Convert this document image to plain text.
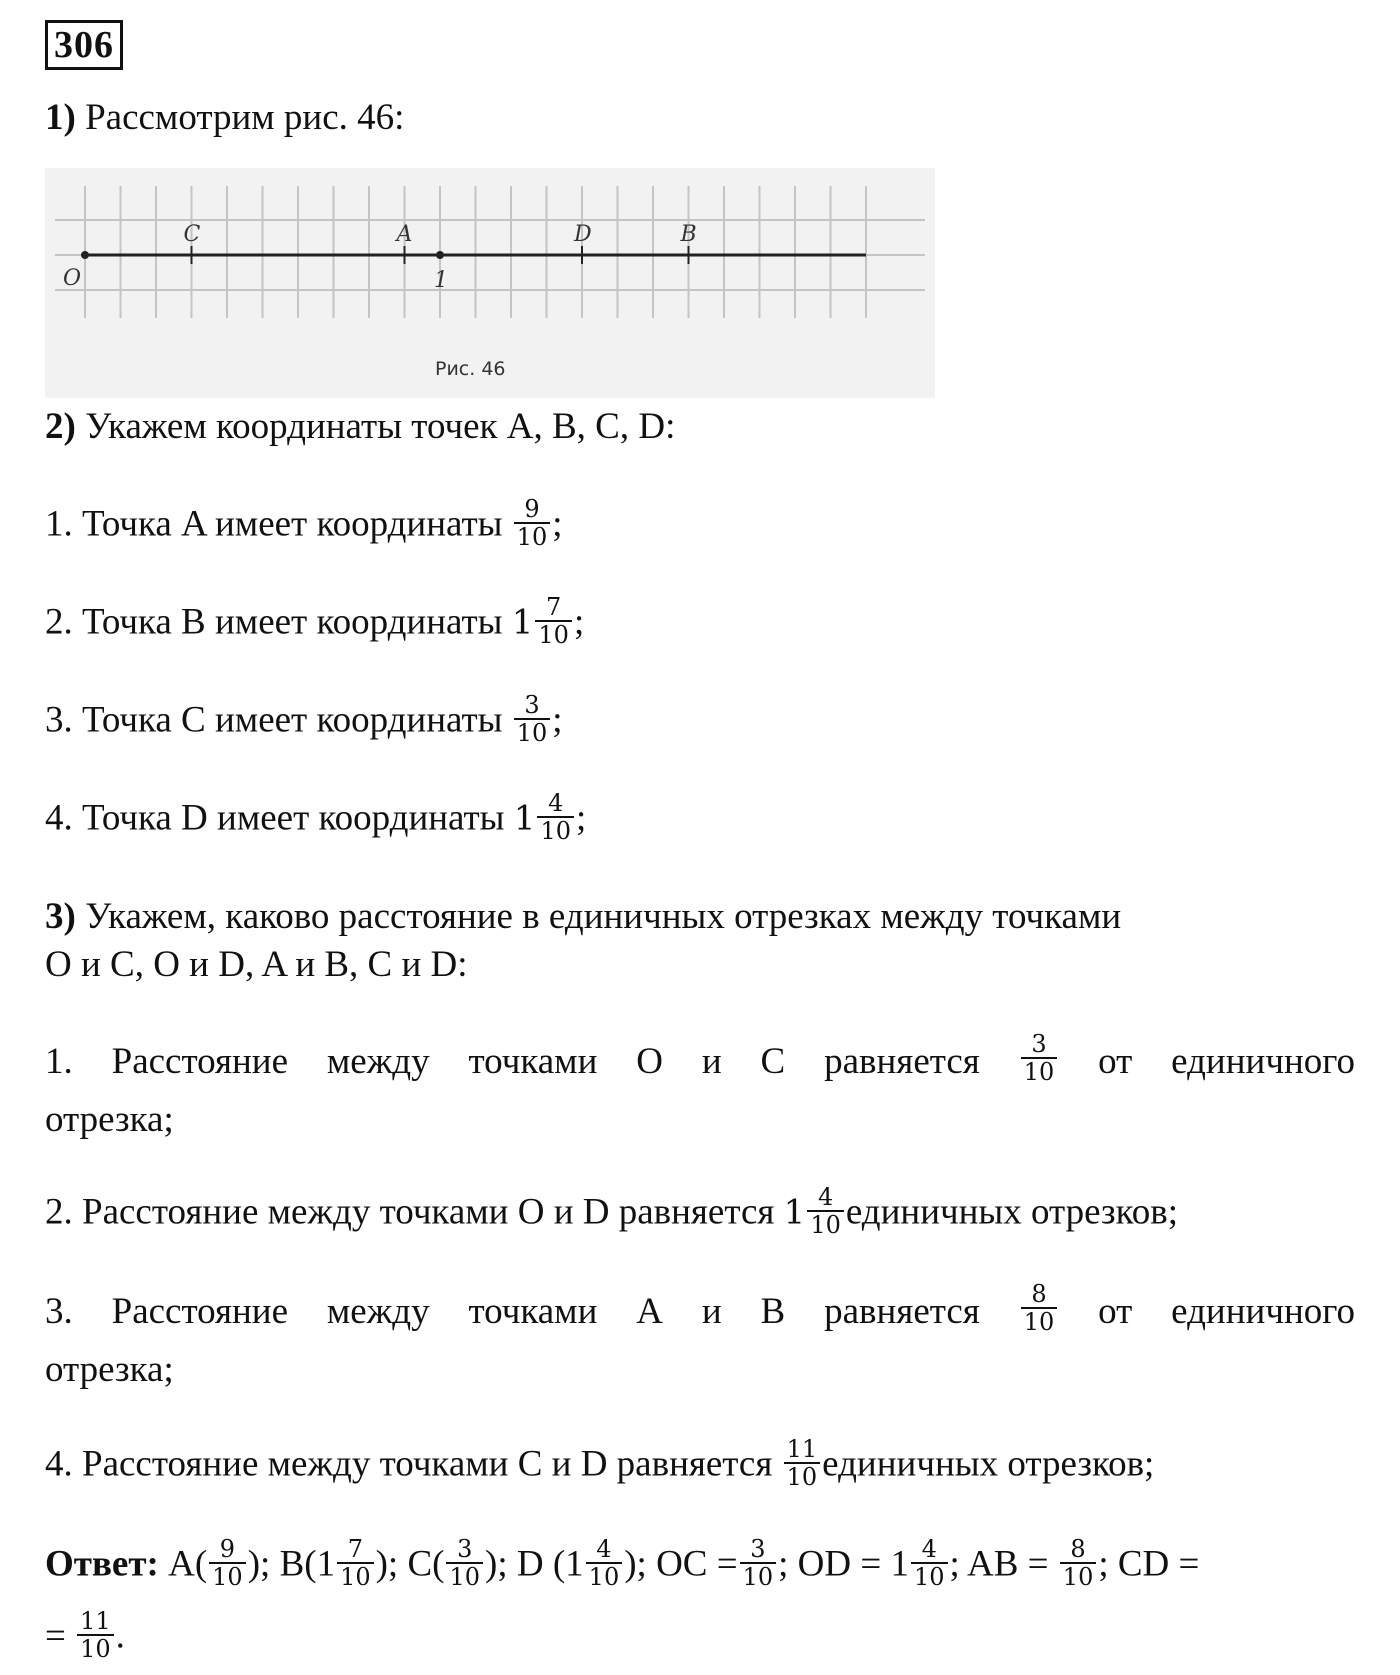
306
1) Рассмотрим рис. 46:
O	1
C	A	D	B
Рис. 46
2) Укажем координаты точек A, B, C, D:
1. Точка A имеет координаты $\frac{9}{10}$ ;
2. Точка B имеет координаты $1 \frac{7}{10}$ ;
3. Точка C имеет координаты $\frac{3}{10}$ ;
4. Точка D имеет координаты $1 \frac{4}{10}$ ;
3) Укажем, каково расстояние в единичных отрезках между точками
O и C, O и D, A и B, C и D:
1. Расстояние между точками O и C равняется $\frac{3}{10}$ от единичного
отрезка;
2. Расстояние между точками O и D равняется $1 \frac{4}{10}$ единичных отрезков;
3. Расстояние между точками A и B равняется $\frac{8}{10}$ от единичного
отрезка;
4. Расстояние между точками C и D равняется $\frac{11}{10}$ единичных отрезков;
Ответ: $A( \frac{9}{10}$ ); $B(1 \frac{7}{10}$ ); $C( \frac{3}{10}$ ); D ($1 \frac{4}{10}$ ); OC = $\frac{3}{10}$ ; OD = $1 \frac{4}{10}$ ; AB = $\frac{8}{10}$ ; CD =
= $\frac{11}{10}$ .
